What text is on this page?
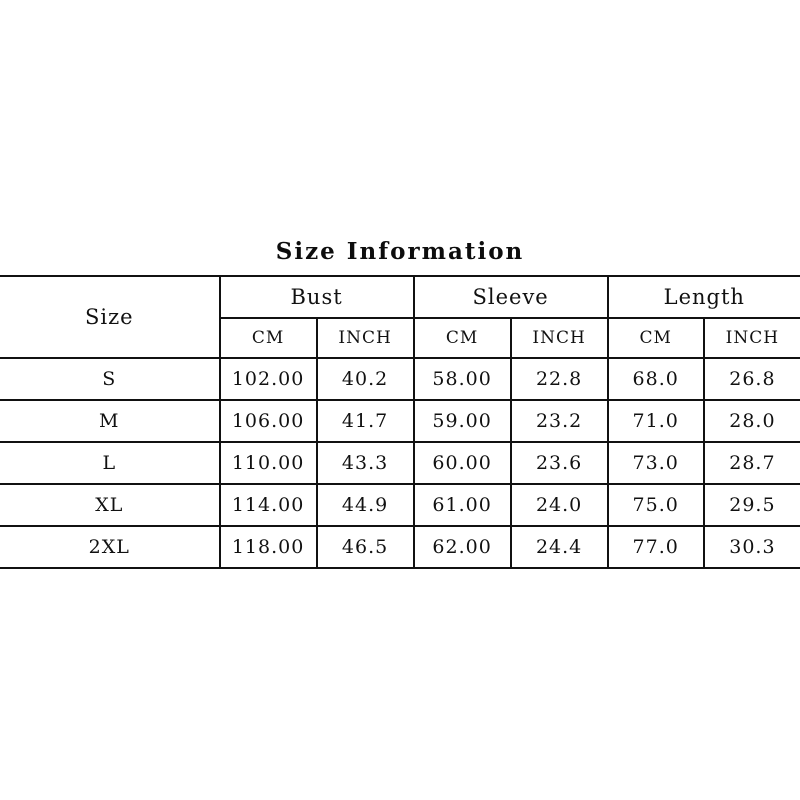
Size Information
Size	Bust		Sleeve		Length	
	CM	INCH	CM	INCH	CM	INCH
S	102.00	40.2	58.00	22.8	68.0	26.8
M	106.00	41.7	59.00	23.2	71.0	28.0
L	110.00	43.3	60.00	23.6	73.0	28.7
XL	114.00	44.9	61.00	24.0	75.0	29.5
2XL	118.00	46.5	62.00	24.4	77.0	30.3
